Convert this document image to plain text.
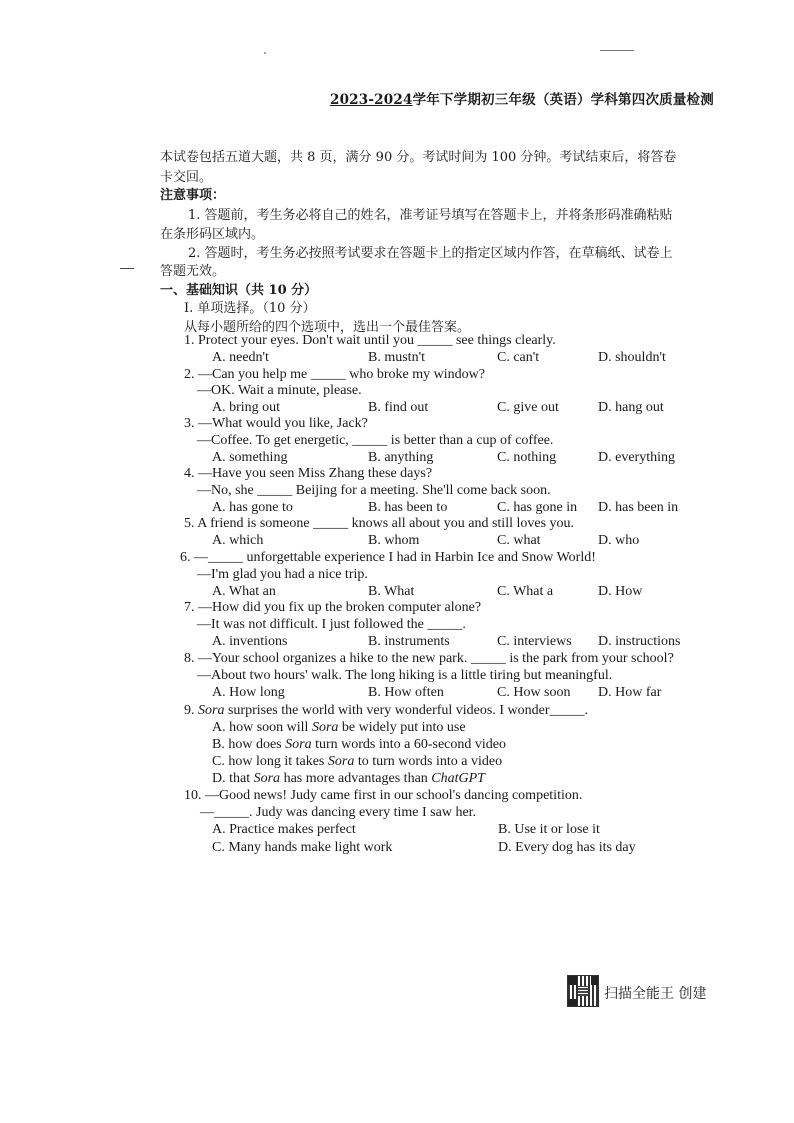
2023-2024学年下学期初三年级（英语）学科第四次质量检测
本试卷包括五道大题，共 8 页，满分 90 分。考试时间为 100 分钟。考试结束后，将答卷
卡交回。
注意事项：
1. 答题前，考生务必将自己的姓名，准考证号填写在答题卡上，并将条形码准确粘贴
在条形码区域内。
2. 答题时，考生务必按照考试要求在答题卡上的指定区域内作答，在草稿纸、试卷上
答题无效。
一、基础知识（共 10 分）
I. 单项选择。（10 分）
从每小题所给的四个选项中，选出一个最佳答案。
1. Protect your eyes. Don't wait until you _____ see things clearly.
A. needn't	B. mustn't	C. can't	D. shouldn't
2. —Can you help me _____ who broke my window?
—OK. Wait a minute, please.
A. bring out	B. find out	C. give out	D. hang out
3. —What would you like, Jack?
—Coffee. To get energetic, _____ is better than a cup of coffee.
A. something	B. anything	C. nothing	D. everything
4. —Have you seen Miss Zhang these days?
—No, she _____ Beijing for a meeting. She'll come back soon.
A. has gone to	B. has been to	C. has gone in D. has been in
5. A friend is someone _____ knows all about you and still loves you.
A. which	B. whom	C. what	D. who
6. —_____ unforgettable experience I had in Harbin Ice and Snow World!
—I'm glad you had a nice trip.
A. What an	B. What	C. What a	D. How
7. —How did you fix up the broken computer alone?
—It was not difficult. I just followed the _____.
A. inventions	B. instruments	C. interviews D. instructions
8. —Your school organizes a hike to the new park. _____ is the park from your school?
—About two hours' walk. The long hiking is a little tiring but meaningful.
A. How long	B. How often	C. How soon D. How far
9. Sora surprises the world with very wonderful videos. I wonder_____.
A. how soon will Sora be widely put into use
B. how does Sora turn words into a 60-second video
C. how long it takes Sora to turn words into a video
D. that Sora has more advantages than ChatGPT
10. —Good news! Judy came first in our school's dancing competition.
—_____. Judy was dancing every time I saw her.
A. Practice makes perfect	B. Use it or lose it
C. Many hands make light work	D. Every dog has its day
扫描全能王 创建
